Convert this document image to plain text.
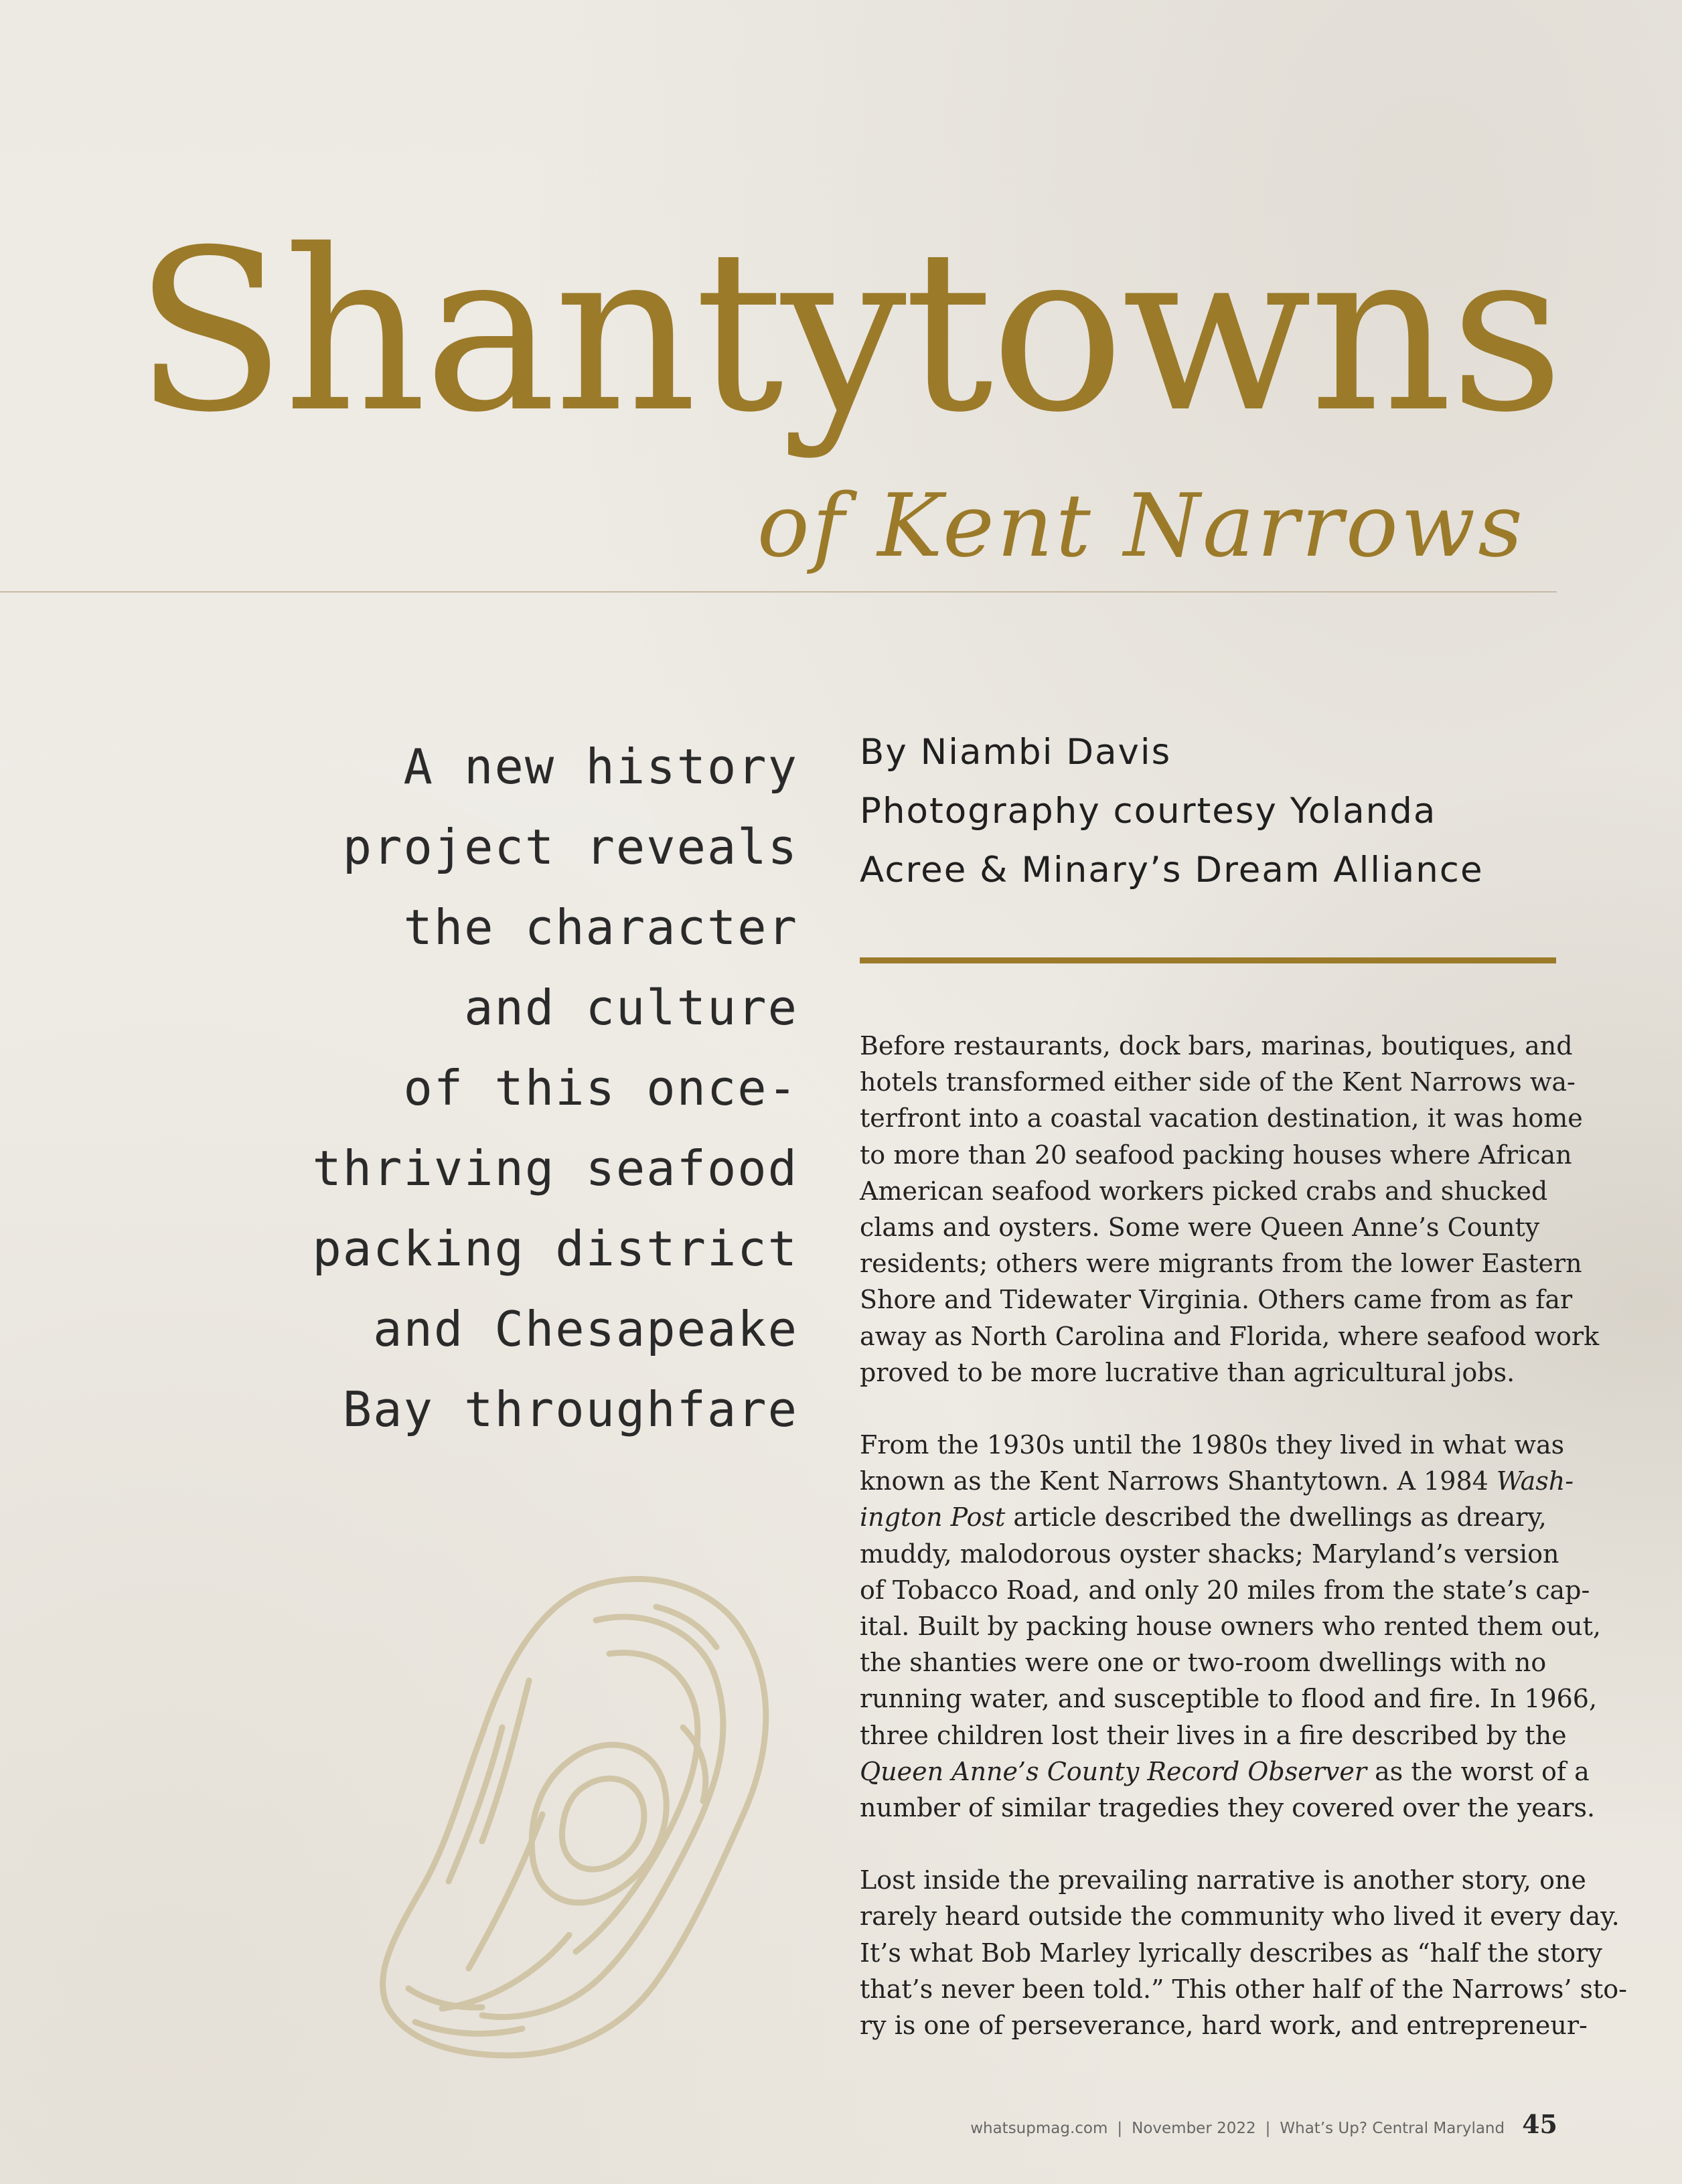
Shantytowns
of Kent Narrows
A new history
project reveals
the character
and culture
of this once-
thriving seafood
packing district
and Chesapeake
Bay throughfare
By Niambi Davis
Photography courtesy Yolanda
Acree & Minary’s Dream Alliance

Before restaurants, dock bars, marinas, boutiques, and
hotels transformed either side of the Kent Narrows wa-
terfront into a coastal vacation destination, it was home
to more than 20 seafood packing houses where African
American seafood workers picked crabs and shucked
clams and oysters. Some were Queen Anne’s County
residents; others were migrants from the lower Eastern
Shore and Tidewater Virginia. Others came from as far
away as North Carolina and Florida, where seafood work
proved to be more lucrative than agricultural jobs.

From the 1930s until the 1980s they lived in what was
known as the Kent Narrows Shantytown. A 1984 Wash-
ington Post article described the dwellings as dreary,
muddy, malodorous oyster shacks; Maryland’s version
of Tobacco Road, and only 20 miles from the state’s cap-
ital. Built by packing house owners who rented them out,
the shanties were one or two-room dwellings with no
running water, and susceptible to flood and fire. In 1966,
three children lost their lives in a fire described by the
Queen Anne’s County Record Observer as the worst of a
number of similar tragedies they covered over the years.

Lost inside the prevailing narrative is another story, one
rarely heard outside the community who lived it every day.
It’s what Bob Marley lyrically describes as “half the story
that’s never been told.” This other half of the Narrows’ sto-
ry is one of perseverance, hard work, and entrepreneur-

whatsupmag.com | November 2022 | What’s Up? Central Maryland 45
